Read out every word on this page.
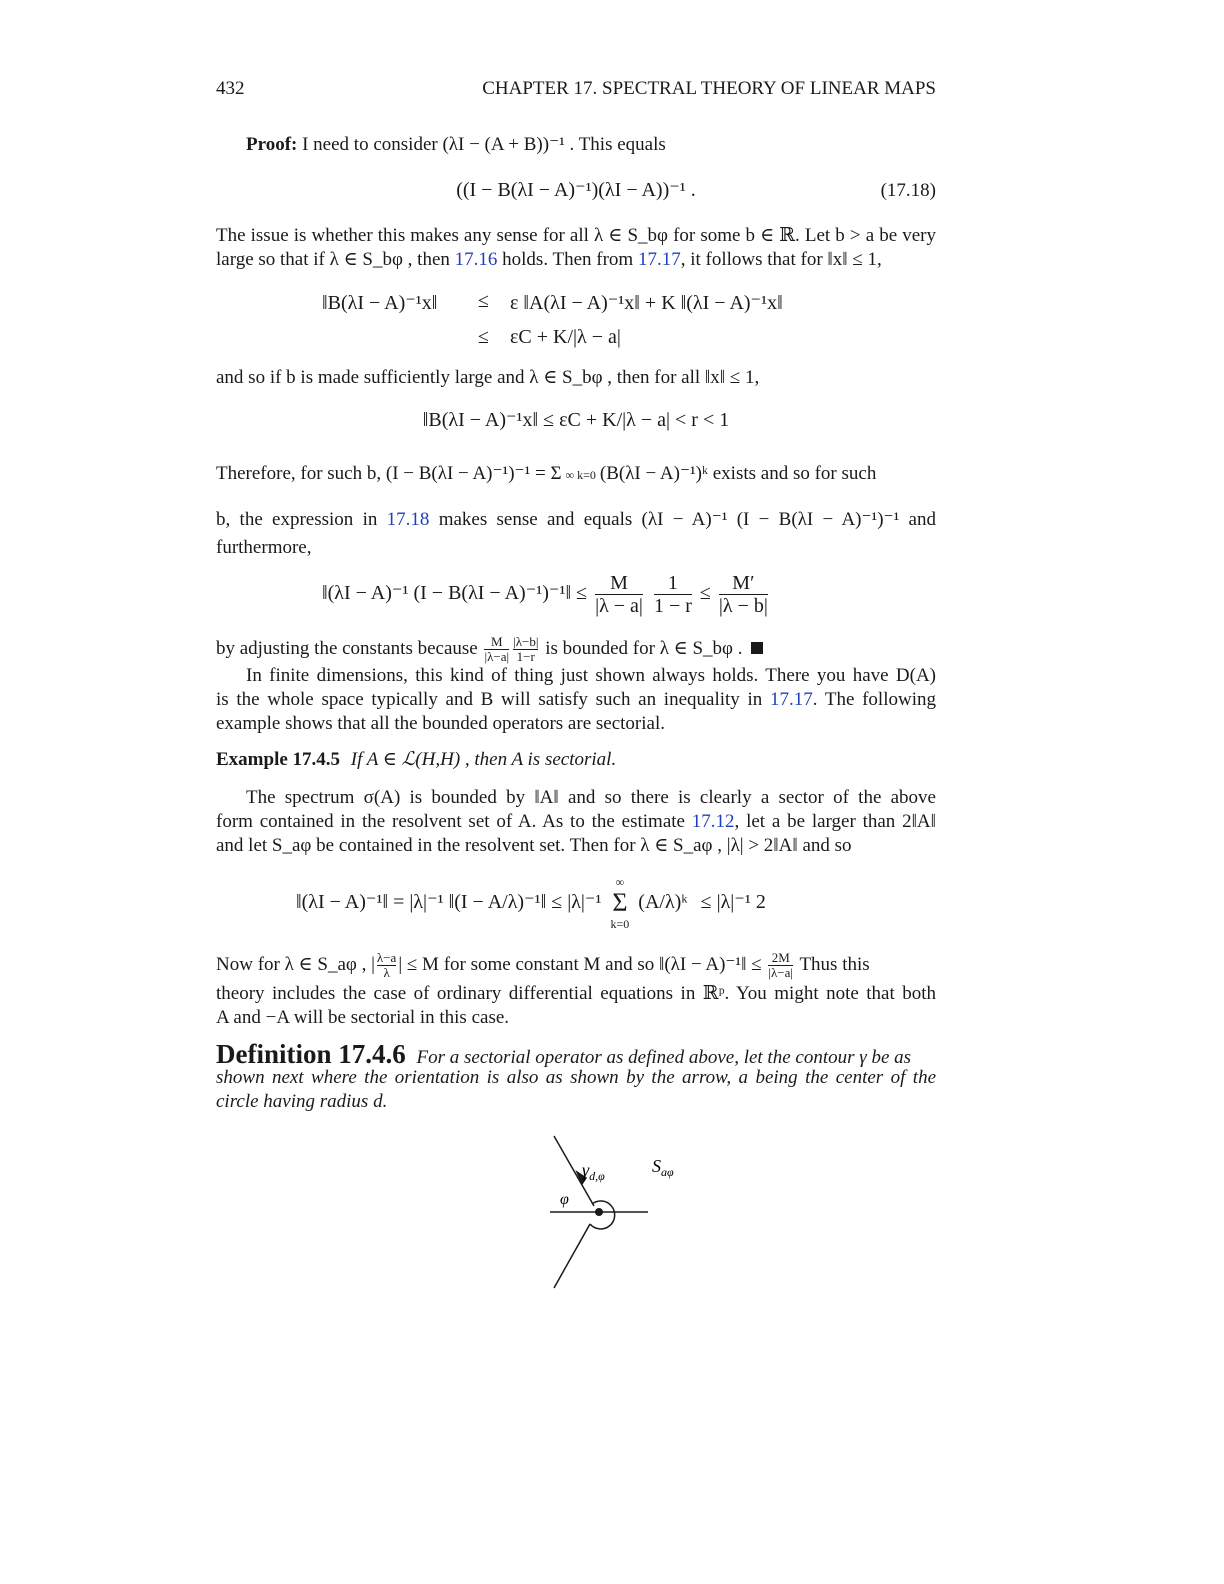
432	CHAPTER 17. SPECTRAL THEORY OF LINEAR MAPS
Proof: I need to consider (λI − (A + B))⁻¹ . This equals
((I − B(λI − A)⁻¹)(λI − A))⁻¹ .	(17.18)
The issue is whether this makes any sense for all λ ∈ S_bφ for some b ∈ ℝ. Let b > a be very
large so that if λ ∈ S_bφ , then 17.16 holds. Then from 17.17, it follows that for ‖x‖ ≤ 1,
‖B(λI − A)⁻¹x‖ ≤ ε ‖A(λI − A)⁻¹x‖ + K ‖(λI − A)⁻¹x‖
≤ εC + K/|λ − a|
and so if b is made sufficiently large and λ ∈ S_bφ , then for all ‖x‖ ≤ 1,
‖B(λI − A)⁻¹x‖ ≤ εC + K/|λ − a| < r < 1
Therefore, for such b, (I − B(λI − A)⁻¹)⁻¹ = Σ ∞ k=0 (B(λI − A)⁻¹)ᵏ exists and so for such
b, the expression in 17.18 makes sense and equals (λI − A)⁻¹ (I − B(λI − A)⁻¹)⁻¹ and
furthermore,
‖(λI − A)⁻¹ (I − B(λI − A)⁻¹)⁻¹‖ ≤ $\frac{M}{|\lambda - a|}$
$\frac{1}{1 - r} \le \frac{M'}{|\lambda - b|}$
by adjusting the constants because $\frac{M}{|\lambda-a|} \frac{|\lambda-b|}{1-r}$ is bounded for λ ∈ S_bφ .
In finite dimensions, this kind of thing just shown always holds. There you have D(A)
is the whole space typically and B will satisfy such an inequality in 17.17. The following
example shows that all the bounded operators are sectorial.
Example 17.4.5 If A ∈ ℒ(H,H) , then A is sectorial.
The spectrum σ(A) is bounded by ‖A‖ and so there is clearly a sector of the above
form contained in the resolvent set of A. As to the estimate 17.12, let a be larger than 2‖A‖
and let S_aφ be contained in the resolvent set. Then for λ ∈ S_aφ , |λ| > 2‖A‖ and so
‖(λI − A)⁻¹‖ = |λ|⁻¹ ‖(I − A/λ)⁻¹‖ ≤ |λ|⁻¹
∞
Σ
k=0
(A/λ)ᵏ ≤ |λ|⁻¹ 2
Now for λ ∈ S_aφ , | $\frac{\lambda-a}{\lambda}$ | ≤ M for some constant M and so ‖(λI − A)⁻¹‖ ≤ $\frac{2M}{|\lambda-a|}$ Thus this
theory includes the case of ordinary differential equations in ℝᵖ. You might note that both
A and −A will be sectorial in this case.
Definition 17.4.6 For a sectorial operator as defined above, let the contour γ be as
shown next where the orientation is also as shown by the arrow, a being the center of the
circle having radius d.
$\gamma_{d,\varphi}$	$S_{a\varphi}$
φ
